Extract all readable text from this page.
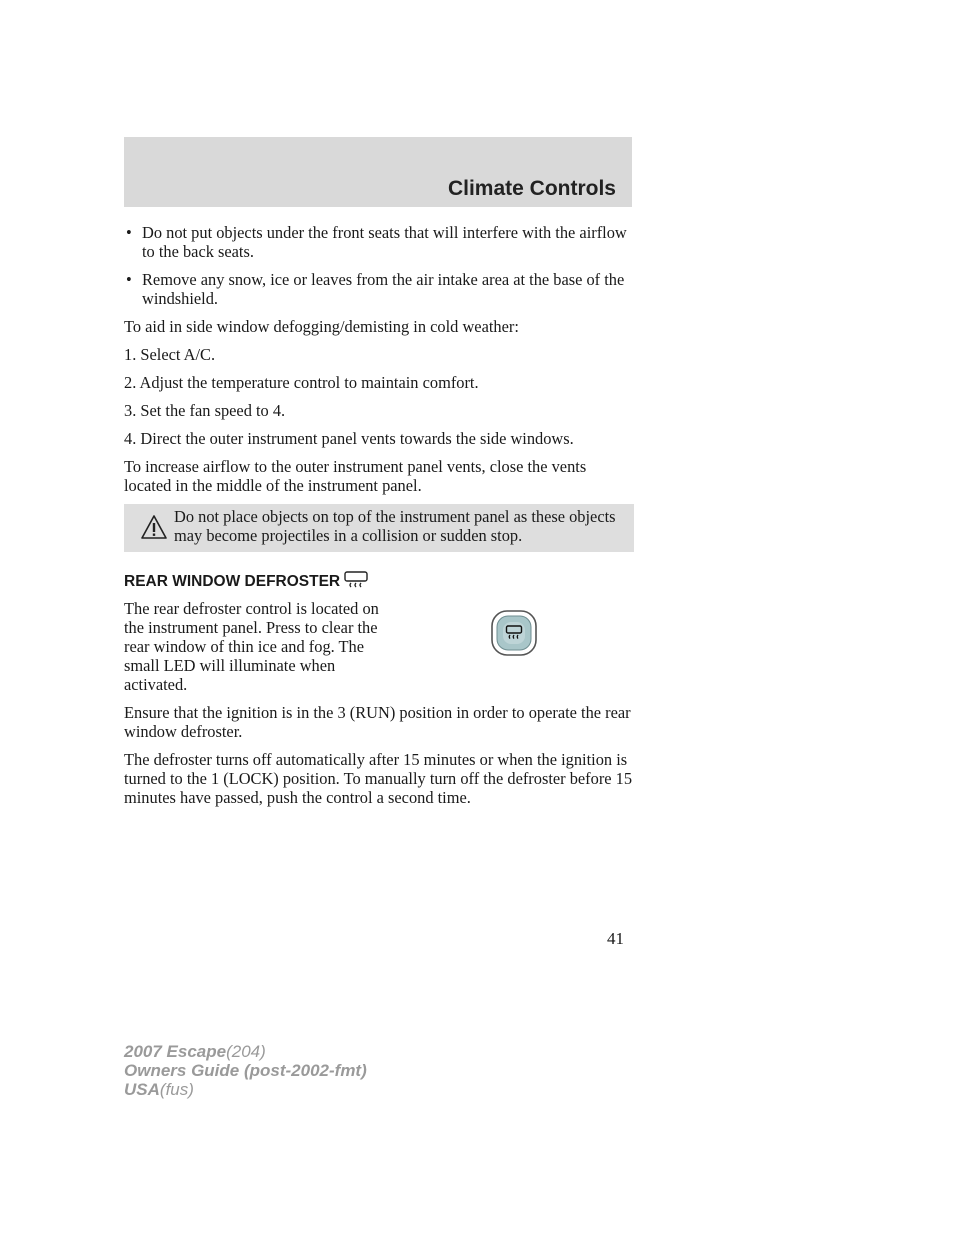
Climate Controls
• Do not put objects under the front seats that will interfere with the airflow to the back seats.
• Remove any snow, ice or leaves from the air intake area at the base of the windshield.

To aid in side window defogging/demisting in cold weather:

1. Select A/C.

2. Adjust the temperature control to maintain comfort.

3. Set the fan speed to 4.

4. Direct the outer instrument panel vents towards the side windows.

To increase airflow to the outer instrument panel vents, close the vents located in the middle of the instrument panel.

Do not place objects on top of the instrument panel as these objects may become projectiles in a collision or sudden stop.
REAR WINDOW DEFROSTER

The rear defroster control is located on the instrument panel. Press to clear the rear window of thin ice and fog. The small LED will illuminate when activated.

Ensure that the ignition is in the 3 (RUN) position in order to operate the rear window defroster.

The defroster turns off automatically after 15 minutes or when the ignition is turned to the 1 (LOCK) position. To manually turn off the defroster before 15 minutes have passed, push the control a second time.

41
2007 Escape(204)
Owners Guide (post-2002-fmt)
USA(fus)
